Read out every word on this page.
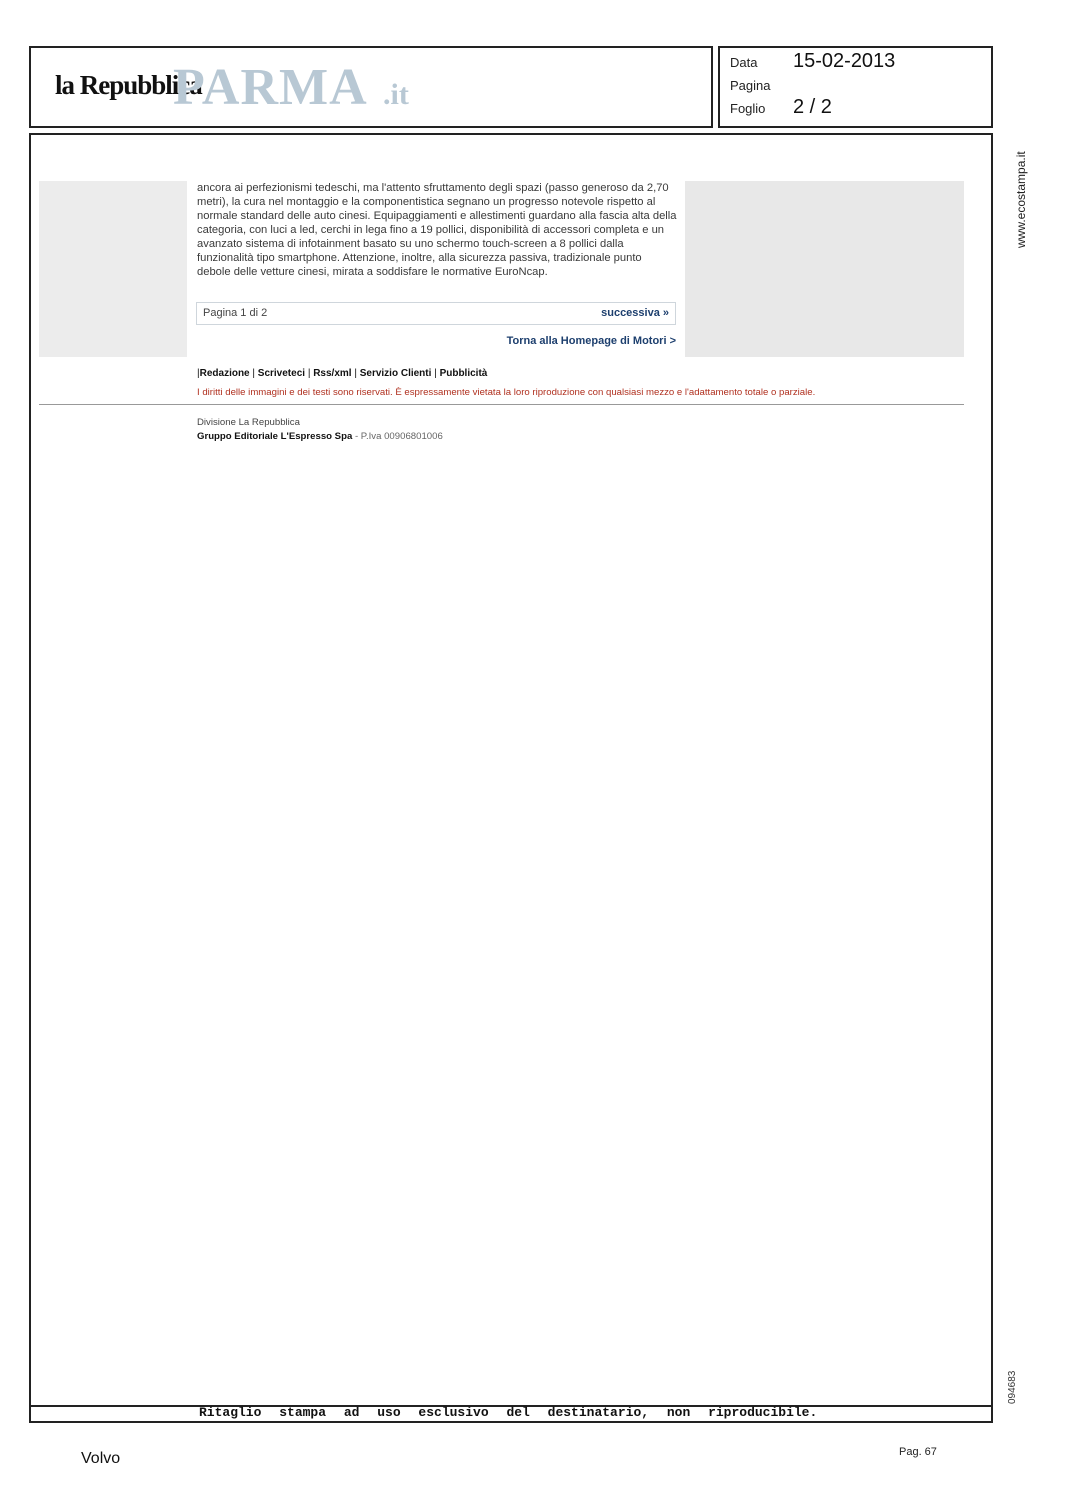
la Repubblica
PARMA .it
Data 15-02-2013
Pagina
Foglio 2 / 2
www.ecostampa.it
094683
ancora ai perfezionismi tedeschi, ma l'attento sfruttamento degli spazi (passo generoso da 2,70 metri), la cura nel montaggio e la componentistica segnano un progresso notevole rispetto al normale standard delle auto cinesi. Equipaggiamenti e allestimenti guardano alla fascia alta della categoria, con luci a led, cerchi in lega fino a 19 pollici, disponibilità di accessori completa e un avanzato sistema di infotainment basato su uno schermo touch-screen a 8 pollici dalla funzionalità tipo smartphone. Attenzione, inoltre, alla sicurezza passiva, tradizionale punto debole delle vetture cinesi, mirata a soddisfare le normative EuroNcap.
Pagina 1 di 2	successiva »
Torna alla Homepage di Motori >
|Redazione | Scriveteci | Rss/xml | Servizio Clienti | Pubblicità
I diritti delle immagini e dei testi sono riservati. È espressamente vietata la loro riproduzione con qualsiasi mezzo e l'adattamento totale o parziale.
Divisione La Repubblica
Gruppo Editoriale L'Espresso Spa - P.Iva 00906801006
Ritaglio stampa ad uso esclusivo del destinatario, non riproducibile.
Volvo	Pag. 67
